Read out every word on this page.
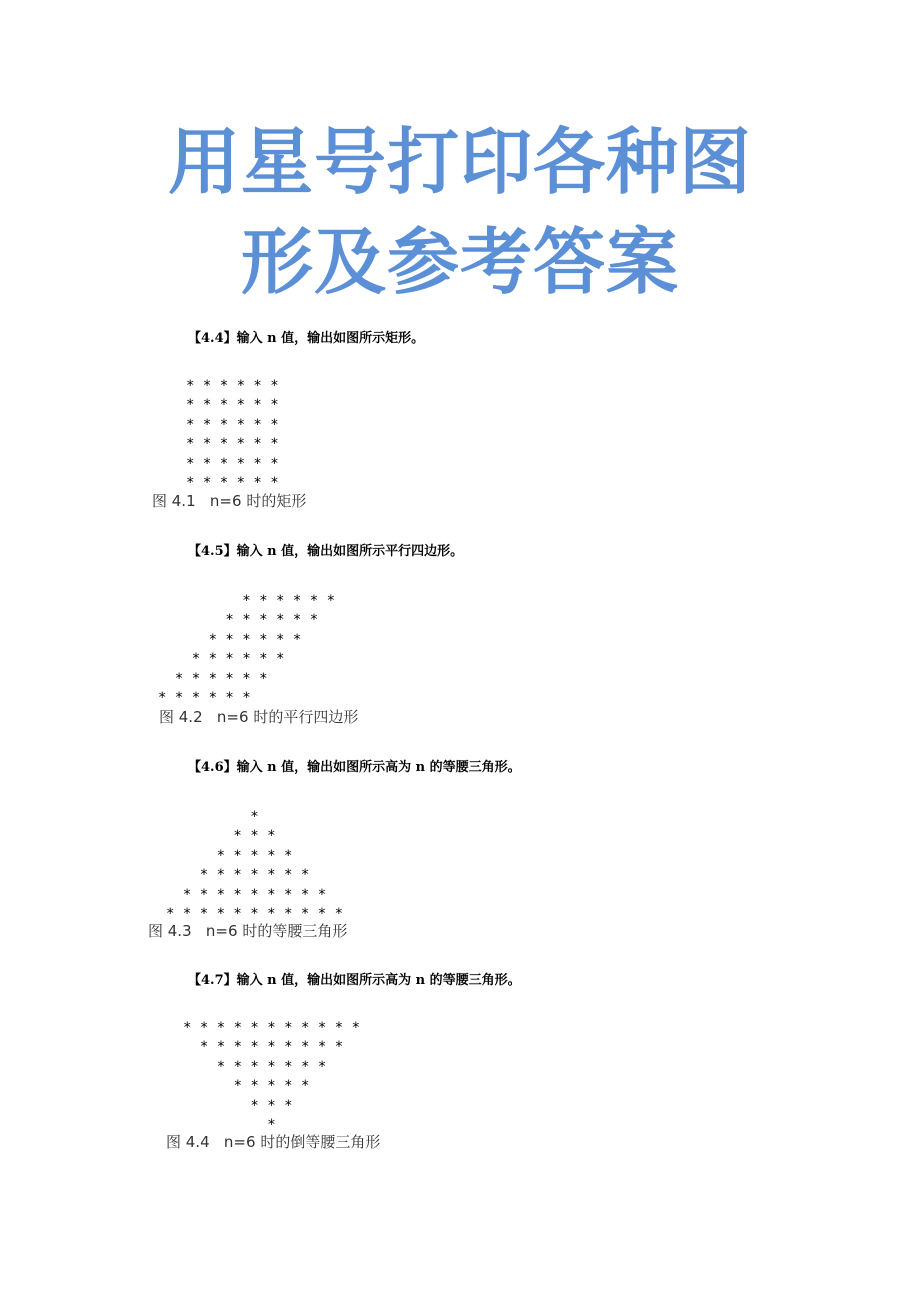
用星号打印各种图
形及参考答案
【4.4】输入 n 值，输出如图所示矩形。
* * * * * *
* * * * * *
* * * * * *
* * * * * *
* * * * * *
* * * * * *
图 4.1   n=6 时的矩形
【4.5】输入 n 值，输出如图所示平行四边形。
* * * * * *
* * * * * *
* * * * * *
* * * * * *
* * * * * *
* * * * * *
图 4.2   n=6 时的平行四边形
【4.6】输入 n 值，输出如图所示高为 n 的等腰三角形。
*
* * *
* * * * *
* * * * * * *
* * * * * * * * *
* * * * * * * * * * *
图 4.3   n=6 时的等腰三角形
【4.7】输入 n 值，输出如图所示高为 n 的等腰三角形。
* * * * * * * * * * *
* * * * * * * * *
* * * * * * *
* * * * *
* * *
*
图 4.4   n=6 时的倒等腰三角形
